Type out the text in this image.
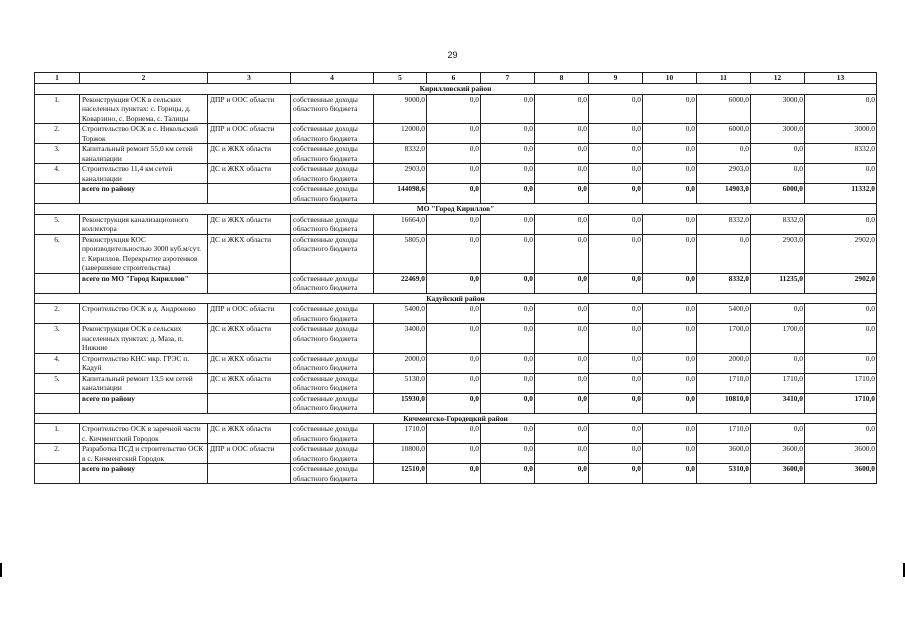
29
1	2	3	4	5	6	7	8	9	10	11	12	13
Кирилловский район												
1.	Реконструкция ОСК в сельских населенных пунктах: с. Горицы, д. Коварзино, с. Ворнема, с. Талицы	ДПР и ООС области	собственные доходы областного бюджета	9000,0	0,0	0,0	0,0	0,0	0,0	6000,0	3000,0	0,0
2.	Строительство ОСК в с. Никольский Торжок	ДПР и ООС области	собственные доходы областного бюджета	12000,0	0,0	0,0	0,0	0,0	0,0	6000,0	3000,0	3000,0
3.	Капитальный ремонт 55,0 км сетей канализации	ДС и ЖКХ области	собственные доходы областного бюджета	8332,0	0,0	0,0	0,0	0,0	0,0	0,0	0,0	8332,0
4.	Строительство 11,4 км сетей канализации	ДС и ЖКХ области	собственные доходы областного бюджета	2903,0	0,0	0,0	0,0	0,0	0,0	2903,0	0,0	0,0
	всего по району		собственные доходы областного бюджета	144098,6	0,0	0,0	0,0	0,0	0,0	14903,0	6000,0	11332,0
МО "Город Кириллов"												
5.	Реконструкция канализационного коллектора	ДС и ЖКХ области	собственные доходы областного бюджета	16664,0	0,0	0,0	0,0	0,0	0,0	8332,0	8332,0	0,0
6.	Реконструкция КОС производительностью 3000 куб.м/сут. г. Кириллов. Перекрытие аэротенков (завершение строительства)	ДС и ЖКХ области	собственные доходы областного бюджета	5805,0	0,0	0,0	0,0	0,0	0,0	0,0	2903,0	2902,0
	всего по МО "Город Кириллов"		собственные доходы областного бюджета	22469,0	0,0	0,0	0,0	0,0	0,0	8332,0	11235,0	2902,0
Кадуйский район												
2.	Строительство ОСК в д. Андроново	ДПР и ООС области	собственные доходы областного бюджета	5400,0	0,0	0,0	0,0	0,0	0,0	5400,0	0,0	0,0
3.	Реконструкция ОСК в сельских населенных пунктах: д. Маза, п. Нижние	ДС и ЖКХ области	собственные доходы областного бюджета	3400,0	0,0	0,0	0,0	0,0	0,0	1700,0	1700,0	0,0
4.	Строительство КНС мкр. ГРЭС п. Кадуй	ДС и ЖКХ области	собственные доходы областного бюджета	2000,0	0,0	0,0	0,0	0,0	0,0	2000,0	0,0	0,0
5.	Капитальный ремонт 13,5 км сетей канализации	ДС и ЖКХ области	собственные доходы областного бюджета	5130,0	0,0	0,0	0,0	0,0	0,0	1710,0	1710,0	1710,0
	всего по району		собственные доходы областного бюджета	15930,0	0,0	0,0	0,0	0,0	0,0	10810,0	3410,0	1710,0
Кичменгско-Городецкий район												
1.	Строительство ОСК в заречной части с. Кичменгский Городок	ДС и ЖКХ области	собственные доходы областного бюджета	1710,0	0,0	0,0	0,0	0,0	0,0	1710,0	0,0	0,0
2.	Разработка ПСД и строительство ОСК в с. Кичменгский Городок	ДПР и ООС области	собственные доходы областного бюджета	10800,0	0,0	0,0	0,0	0,0	0,0	3600,0	3600,0	3600,0
	всего по району		собственные доходы областного бюджета	12510,0	0,0	0,0	0,0	0,0	0,0	5310,0	3600,0	3600,0
